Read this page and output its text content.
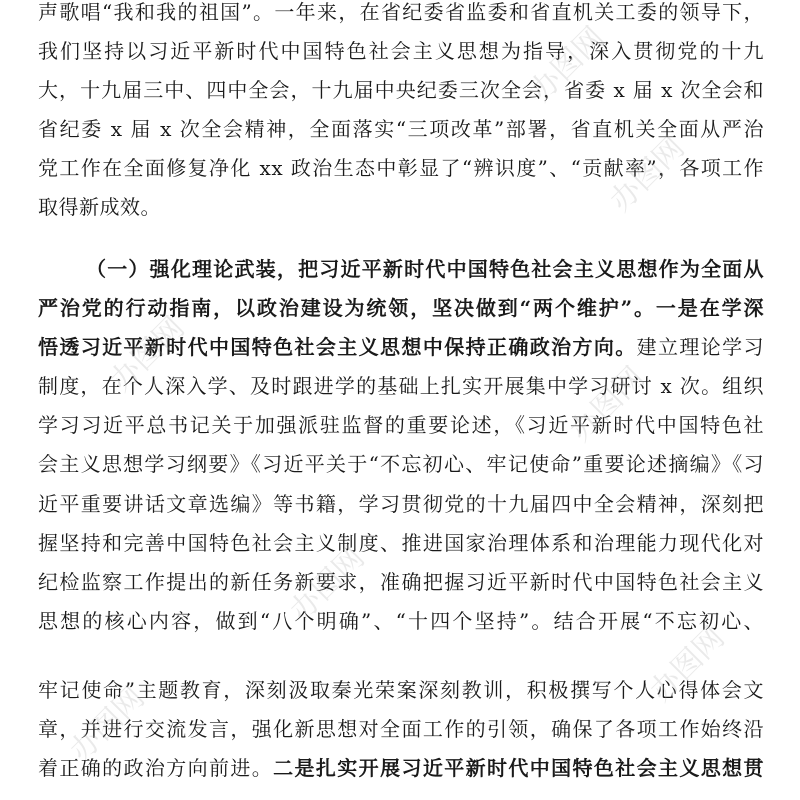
声歌唱“我和我的祖国”。一年来，在省纪委省监委和省直机关工委的领导下，
我们坚持以习近平新时代中国特色社会主义思想为指导，深入贯彻党的十九
大，十九届三中、四中全会，十九届中央纪委三次全会，省委 x 届 x 次全会和
省纪委 x 届 x 次全会精神，全面落实“三项改革”部署，省直机关全面从严治
党工作在全面修复净化 xx 政治生态中彰显了“辨识度”、“贡献率”，各项工作
取得新成效。
（一）强化理论武装，把习近平新时代中国特色社会主义思想作为全面从
严治党的行动指南，以政治建设为统领，坚决做到“两个维护”。一是在学深
悟透习近平新时代中国特色社会主义思想中保持正确政治方向。建立理论学习
制度，在个人深入学、及时跟进学的基础上扎实开展集中学习研讨 x 次。组织
学习习近平总书记关于加强派驻监督的重要论述，《习近平新时代中国特色社
会主义思想学习纲要》《习近平关于“不忘初心、牢记使命”重要论述摘编》《习
近平重要讲话文章选编》等书籍，学习贯彻党的十九届四中全会精神，深刻把
握坚持和完善中国特色社会主义制度、推进国家治理体系和治理能力现代化对
纪检监察工作提出的新任务新要求，准确把握习近平新时代中国特色社会主义
思想的核心内容，做到“八个明确”、“十四个坚持”。结合开展“不忘初心、
牢记使命”主题教育，深刻汲取秦光荣案深刻教训，积极撰写个人心得体会文
章，并进行交流发言，强化新思想对全面工作的引领，确保了各项工作始终沿
着正确的政治方向前进。二是扎实开展习近平新时代中国特色社会主义思想贯
办图网
办图网
办图网
办图网
办图网
办图网
办图网
